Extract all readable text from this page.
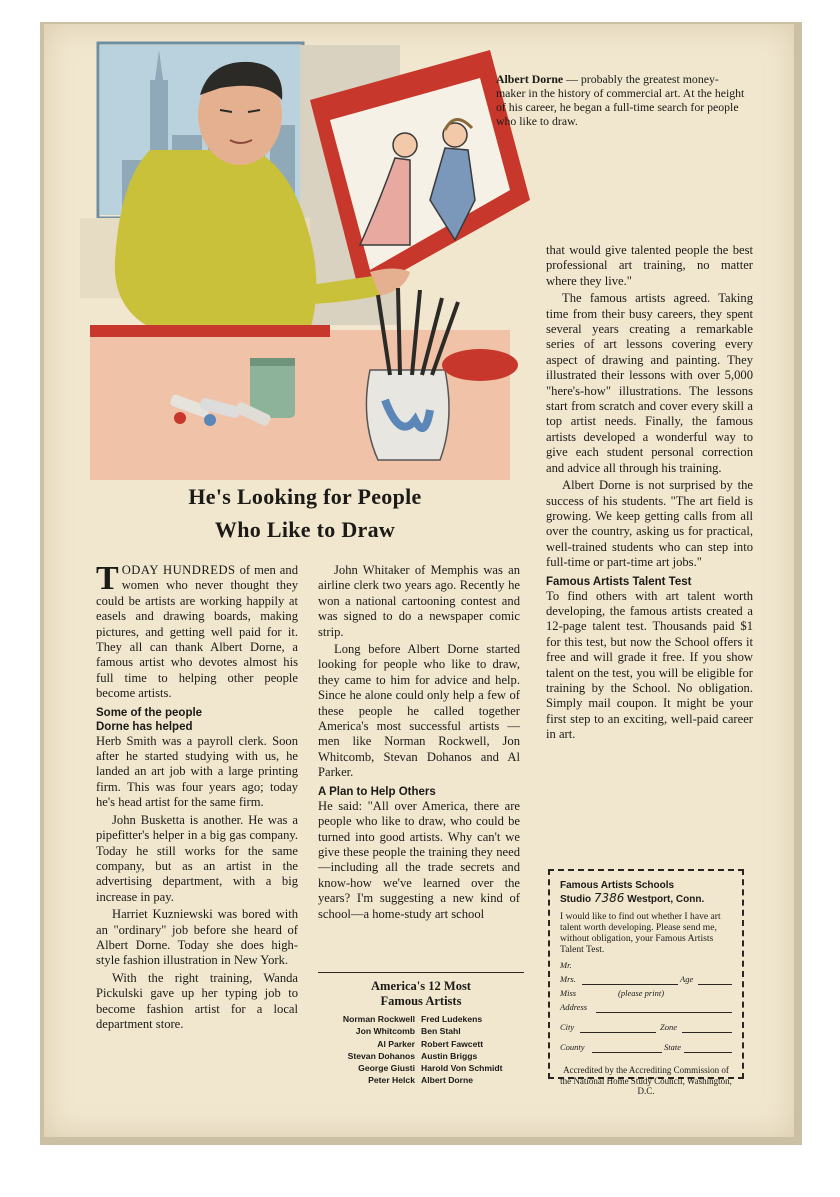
Albert Dorne — probably the greatest money-maker in the history of commercial art. At the height of his career, he began a full-time search for people who like to draw.
He's Looking for People
Who Like to Draw

TODAY HUNDREDS of men and women who never thought they could be artists are working happily at easels and drawing boards, making pictures, and getting well paid for it. They all can thank Albert Dorne, a famous artist who devotes almost his full time to helping other people become artists.

Some of the people
Dorne has helped

Herb Smith was a payroll clerk. Soon after he started studying with us, he landed an art job with a large printing firm. This was four years ago; today he's head artist for the same firm.

John Busketta is another. He was a pipefitter's helper in a big gas company. Today he still works for the same company, but as an artist in the advertising department, with a big increase in pay.

Harriet Kuzniewski was bored with an "ordinary" job before she heard of Albert Dorne. Today she does high-style fashion illustration in New York.

With the right training, Wanda Pickulski gave up her typing job to become fashion artist for a local department store.

John Whitaker of Memphis was an airline clerk two years ago. Recently he won a national cartooning contest and was signed to do a newspaper comic strip.

Long before Albert Dorne started looking for people who like to draw, they came to him for advice and help. Since he alone could only help a few of these people he called together America's most successful artists —men like Norman Rockwell, Jon Whitcomb, Stevan Dohanos and Al Parker.

A Plan to Help Others

He said: "All over America, there are people who like to draw, who could be turned into good artists. Why can't we give these people the training they need—including all the trade secrets and know-how we've learned over the years? I'm suggesting a new kind of school—a home-study art school

America's 12 Most
Famous Artists
Norman Rockwell	Fred Ludekens
Jon Whitcomb	Ben Stahl
Al Parker	Robert Fawcett
Stevan Dohanos	Austin Briggs
George Giusti	Harold Von Schmidt
Peter Helck	Albert Dorne

that would give talented people the best professional art training, no matter where they live."

The famous artists agreed. Taking time from their busy careers, they spent several years creating a remarkable series of art lessons covering every aspect of drawing and painting. They illustrated their lessons with over 5,000 "here's-how" illustrations. The lessons start from scratch and cover every skill a top artist needs. Finally, the famous artists developed a wonderful way to give each student personal correction and advice all through his training.

Albert Dorne is not surprised by the success of his students. "The art field is growing. We keep getting calls from all over the country, asking us for practical, well-trained students who can step into full-time or part-time art jobs."

Famous Artists Talent Test

To find others with art talent worth developing, the famous artists created a 12-page talent test. Thousands paid $1 for this test, but now the School offers it free and will grade it free. If you show talent on the test, you will be eligible for training by the School. No obligation. Simply mail coupon. It might be your first step to an exciting, well-paid career in art.

Famous Artists Schools
Studio 7386 Westport, Conn.
I would like to find out whether I have art talent worth developing. Please send me, without obligation, your Famous Artists Talent Test.
Mr.
Mrs.	Age
Miss	(please print)
Address
City	Zone
County	State
Accredited by the Accrediting Commission of the National Home Study Council, Washington, D.C.
